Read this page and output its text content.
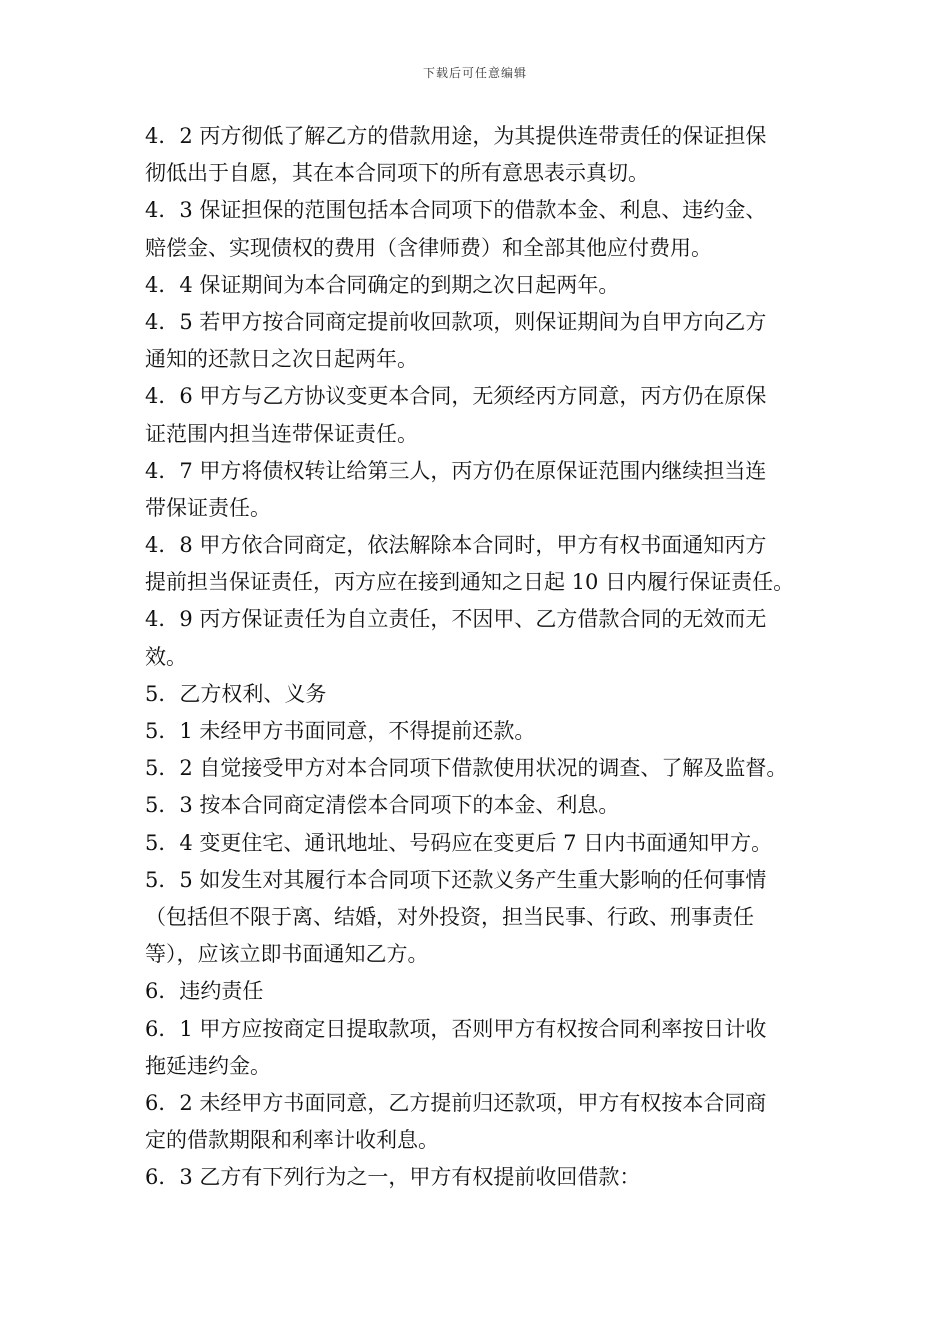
下载后可任意编辑
4．2 丙方彻低了解乙方的借款用途，为其提供连带责任的保证担保
彻低出于自愿，其在本合同项下的所有意思表示真切。
4．3 保证担保的范围包括本合同项下的借款本金、利息、违约金、
赔偿金、实现债权的费用（含律师费）和全部其他应付费用。
4．4 保证期间为本合同确定的到期之次日起两年。
4．5 若甲方按合同商定提前收回款项，则保证期间为自甲方向乙方
通知的还款日之次日起两年。
4．6 甲方与乙方协议变更本合同，无须经丙方同意，丙方仍在原保
证范围内担当连带保证责任。
4．7 甲方将债权转让给第三人，丙方仍在原保证范围内继续担当连
带保证责任。
4．8 甲方依合同商定，依法解除本合同时，甲方有权书面通知丙方
提前担当保证责任，丙方应在接到通知之日起 10 日内履行保证责任。
4．9 丙方保证责任为自立责任，不因甲、乙方借款合同的无效而无
效。
5．乙方权利、义务
5．1 未经甲方书面同意，不得提前还款。
5．2 自觉接受甲方对本合同项下借款使用状况的调查、了解及监督。
5．3 按本合同商定清偿本合同项下的本金、利息。
5．4 变更住宅、通讯地址、号码应在变更后 7 日内书面通知甲方。
5．5 如发生对其履行本合同项下还款义务产生重大影响的任何事情
（包括但不限于离、结婚，对外投资，担当民事、行政、刑事责任
等），应该立即书面通知乙方。
6．违约责任
6．1 甲方应按商定日提取款项，否则甲方有权按合同利率按日计收
拖延违约金。
6．2 未经甲方书面同意，乙方提前归还款项，甲方有权按本合同商
定的借款期限和利率计收利息。
6．3 乙方有下列行为之一，甲方有权提前收回借款：
